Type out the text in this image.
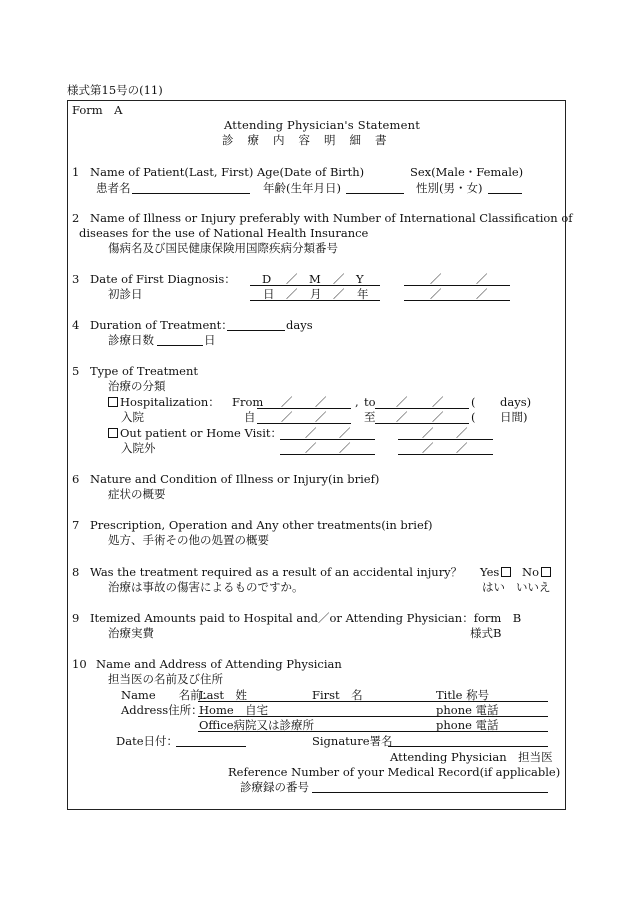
様式第15号の(11)
Form　A
Attending Physician's Statement
診療内容明細書
1 Name of Patient(Last, First) Age(Date of Birth)	Sex(Male・Female)
患者名	年齢(生年月日)	性別(男・女)
2 Name of Illness or Injury preferably with Number of International Classification of
diseases for the use of National Health Insurance
傷病名及び国民健康保険用国際疾病分類番号
3 Date of First Diagnosis： D ／ M ／ Y	／	／
初診日	日 ／ 月 ／ 年	／	／
4 Duration of Treatment：	days
診療日数	日
5 Type of Treatment
治療の分類
Hospitalization： From ／ ／ , to ／ ／ ( days)
入院	自 ／ ／	至 ／ ／ ( 日間)
Out patient or Home Visit： ／ ／	／ ／
入院外	／ ／	／ ／
6 Nature and Condition of Illness or Injury(in brief)
症状の概要
7 Prescription, Operation and Any other treatments(in brief)
処方、手術その他の処置の概要
8 Was the treatment required as a result of an accidental injury？ Yes	No
治療は事故の傷害によるものですか。	はい いいえ
9 Itemized Amounts paid to Hospital and／or Attending Physician：form　B
治療実費	様式B
10 Name and Address of Attending Physician
担当医の名前及び住所
Name　　名前：
Last　姓	First　名	Title 称号
Address住所：
Home　自宅	phone 電話
Office病院又は診療所	phone 電話
Date日付：	Signature署名
Attending Physician　担当医
Reference Number of your Medical Record(if applicable)
診療録の番号
